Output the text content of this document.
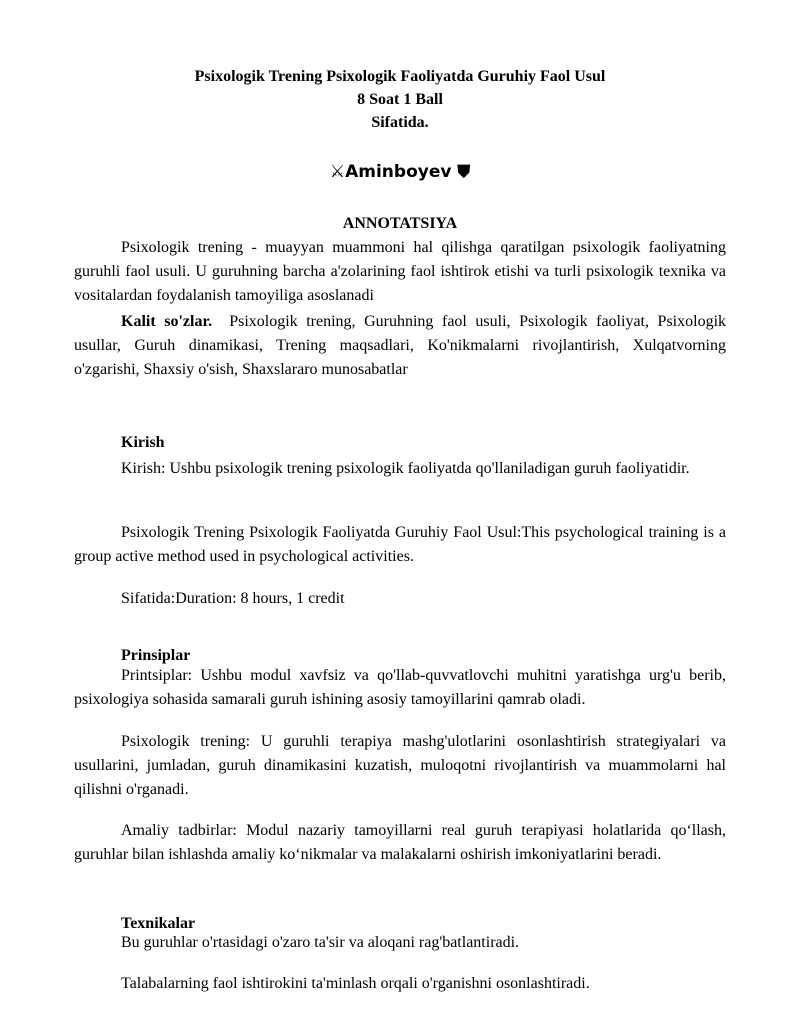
Psixologik Trening Psixologik Faoliyatda Guruhiy Faol Usul
8 Soat 1 Ball
Sifatida.
⚔Aminboyev ⛊
ANNOTATSIYA
Psixologik trening - muayyan muammoni hal qilishga qaratilgan psixologik faoliyatning guruhli faol usuli. U guruhning barcha a'zolarining faol ishtirok etishi va turli psixologik texnika va vositalardan foydalanish tamoyiliga asoslanadi
Kalit so'zlar. Psixologik trening, Guruhning faol usuli, Psixologik faoliyat, Psixologik usullar, Guruh dinamikasi, Trening maqsadlari, Ko'nikmalarni rivojlantirish, Xulqatvorning o'zgarishi, Shaxsiy o'sish, Shaxslararo munosabatlar
Kirish
Kirish: Ushbu psixologik trening psixologik faoliyatda qo'llaniladigan guruh faoliyatidir.
Psixologik Trening Psixologik Faoliyatda Guruhiy Faol Usul:This psychological training is a group active method used in psychological activities.
Sifatida:Duration: 8 hours, 1 credit
Prinsiplar
Printsiplar: Ushbu modul xavfsiz va qo'llab-quvvatlovchi muhitni yaratishga urg'u berib, psixologiya sohasida samarali guruh ishining asosiy tamoyillarini qamrab oladi.
Psixologik trening: U guruhli terapiya mashg'ulotlarini osonlashtirish strategiyalari va usullarini, jumladan, guruh dinamikasini kuzatish, muloqotni rivojlantirish va muammolarni hal qilishni o'rganadi.
Amaliy tadbirlar: Modul nazariy tamoyillarni real guruh terapiyasi holatlarida qo‘llash, guruhlar bilan ishlashda amaliy ko‘nikmalar va malakalarni oshirish imkoniyatlarini beradi.
Texnikalar
Bu guruhlar o'rtasidagi o'zaro ta'sir va aloqani rag'batlantiradi.
Talabalarning faol ishtirokini ta'minlash orqali o'rganishni osonlashtiradi.
